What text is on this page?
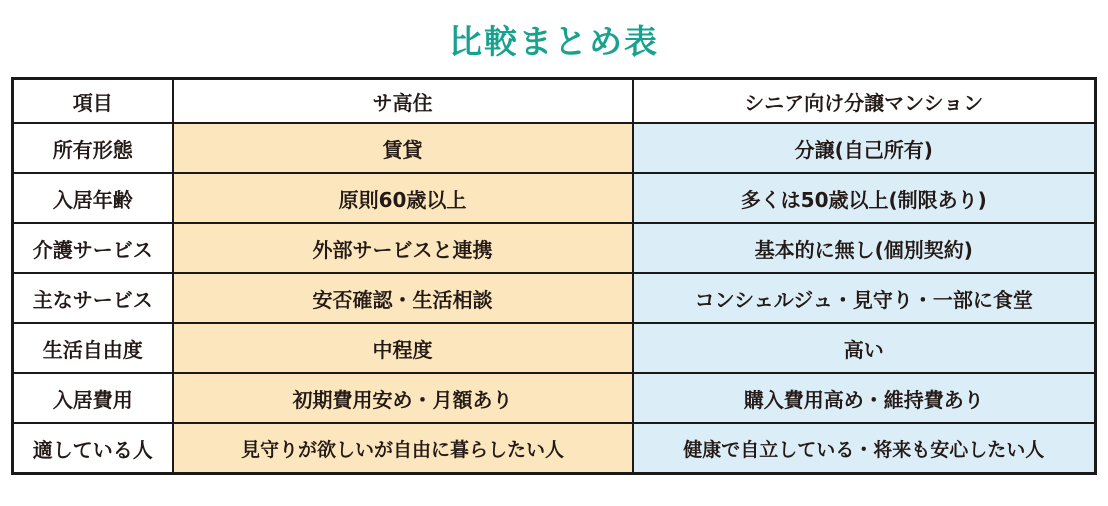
比較まとめ表
項目	サ高住	シニア向け分譲マンション
所有形態	賃貸	分譲(自己所有)
入居年齢	原則60歳以上	多くは50歳以上(制限あり)
介護サービス	外部サービスと連携	基本的に無し(個別契約)
主なサービス	安否確認・生活相談	コンシェルジュ・見守り・一部に食堂
生活自由度	中程度	高い
入居費用	初期費用安め・月額あり	購入費用高め・維持費あり
適している人	見守りが欲しいが自由に暮らしたい人	健康で自立している・将来も安心したい人
